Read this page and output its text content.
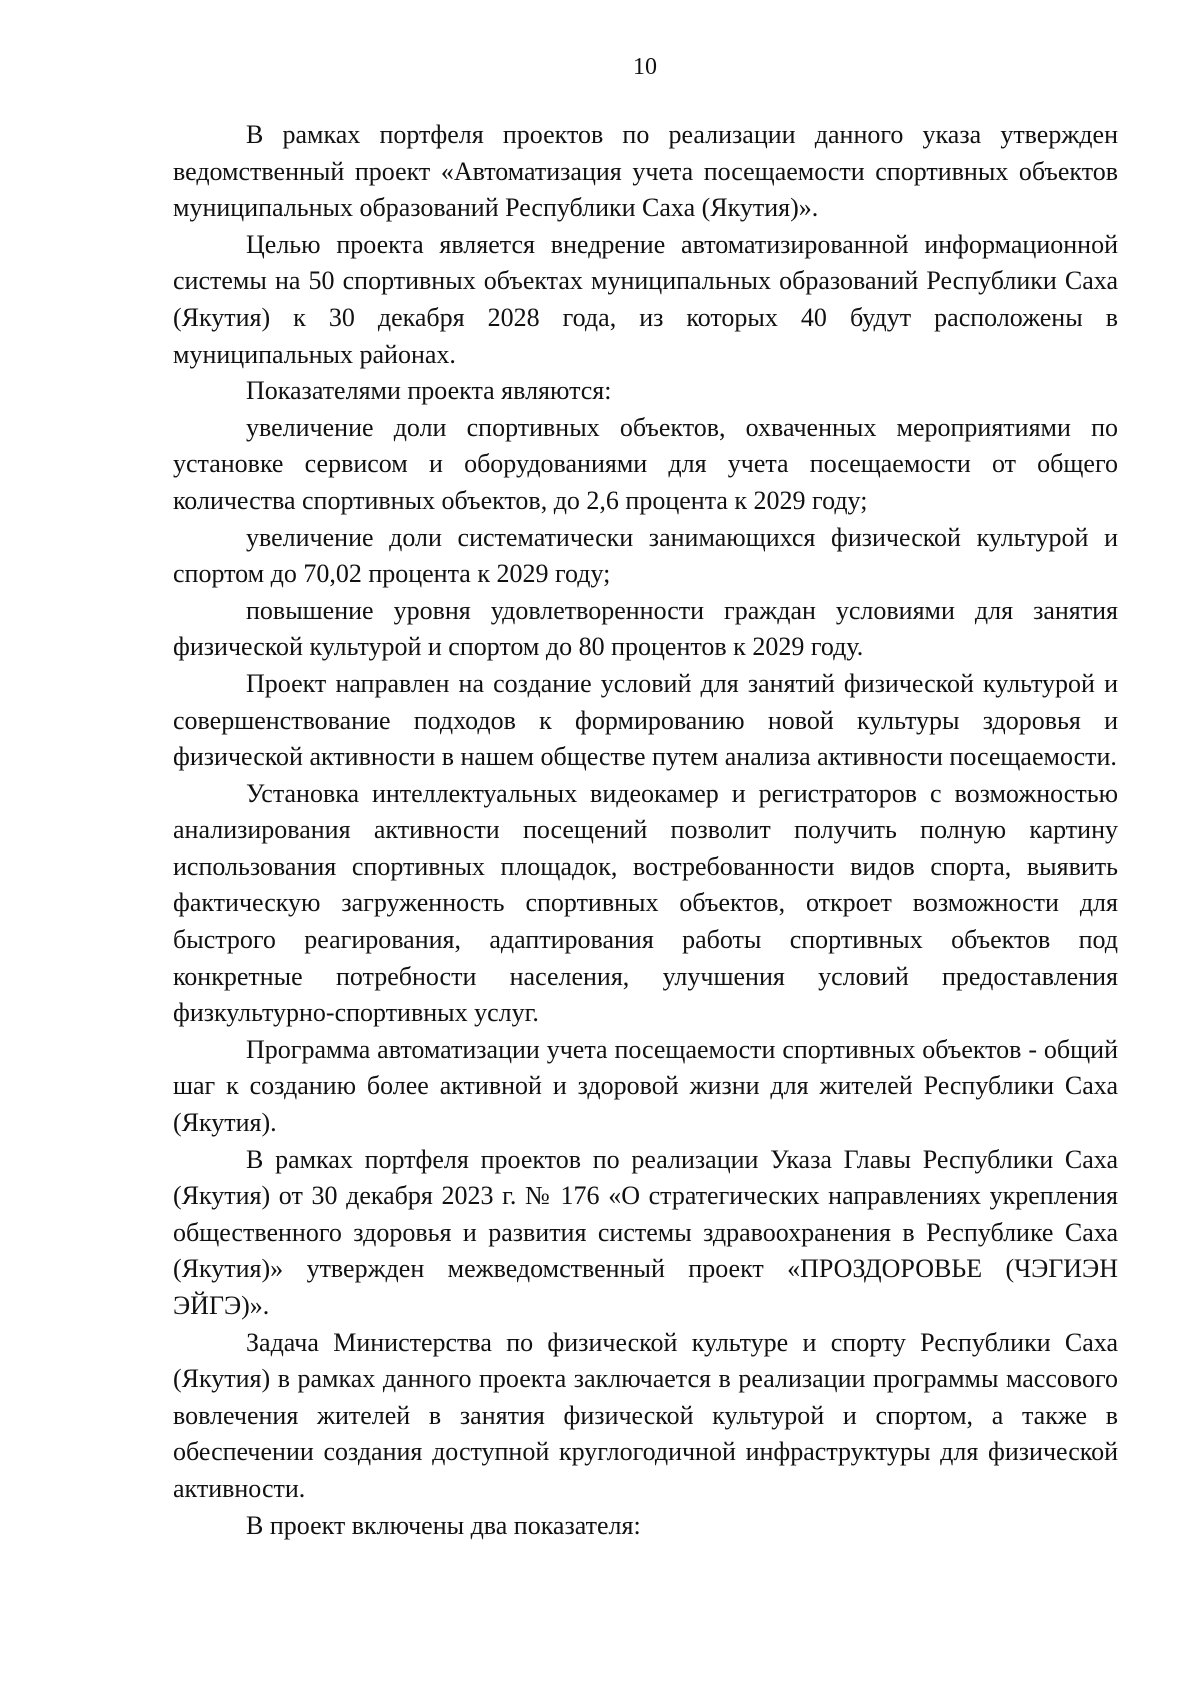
10

В рамках портфеля проектов по реализации данного указа утвержден ведомственный проект «Автоматизация учета посещаемости спортивных объектов муниципальных образований Республики Саха (Якутия)».

Целью проекта является внедрение автоматизированной информационной системы на 50 спортивных объектах муниципальных образований Республики Саха (Якутия) к 30 декабря 2028 года, из которых 40 будут расположены в муниципальных районах.

Показателями проекта являются:

увеличение доли спортивных объектов, охваченных мероприятиями по установке сервисом и оборудованиями для учета посещаемости от общего количества спортивных объектов, до 2,6 процента к 2029 году;

увеличение доли систематически занимающихся физической культурой и спортом до 70,02 процента к 2029 году;

повышение уровня удовлетворенности граждан условиями для занятия физической культурой и спортом до 80 процентов к 2029 году.

Проект направлен на создание условий для занятий физической культурой и совершенствование подходов к формированию новой культуры здоровья и физической активности в нашем обществе путем анализа активности посещаемости.

Установка интеллектуальных видеокамер и регистраторов с возможностью анализирования активности посещений позволит получить полную картину использования спортивных площадок, востребованности видов спорта, выявить фактическую загруженность спортивных объектов, откроет возможности для быстрого реагирования, адаптирования работы спортивных объектов под конкретные потребности населения, улучшения условий предоставления физкультурно-спортивных услуг.

Программа автоматизации учета посещаемости спортивных объектов - общий шаг к созданию более активной и здоровой жизни для жителей Республики Саха (Якутия).

В рамках портфеля проектов по реализации Указа Главы Республики Саха (Якутия) от 30 декабря 2023 г. № 176 «О стратегических направлениях укрепления общественного здоровья и развития системы здравоохранения в Республике Саха (Якутия)» утвержден межведомственный проект «ПРОЗДОРОВЬЕ (ЧЭГИЭН ЭЙГЭ)».

Задача Министерства по физической культуре и спорту Республики Саха (Якутия) в рамках данного проекта заключается в реализации программы массового вовлечения жителей в занятия физической культурой и спортом, а также в обеспечении создания доступной круглогодичной инфраструктуры для физической активности.

В проект включены два показателя:
